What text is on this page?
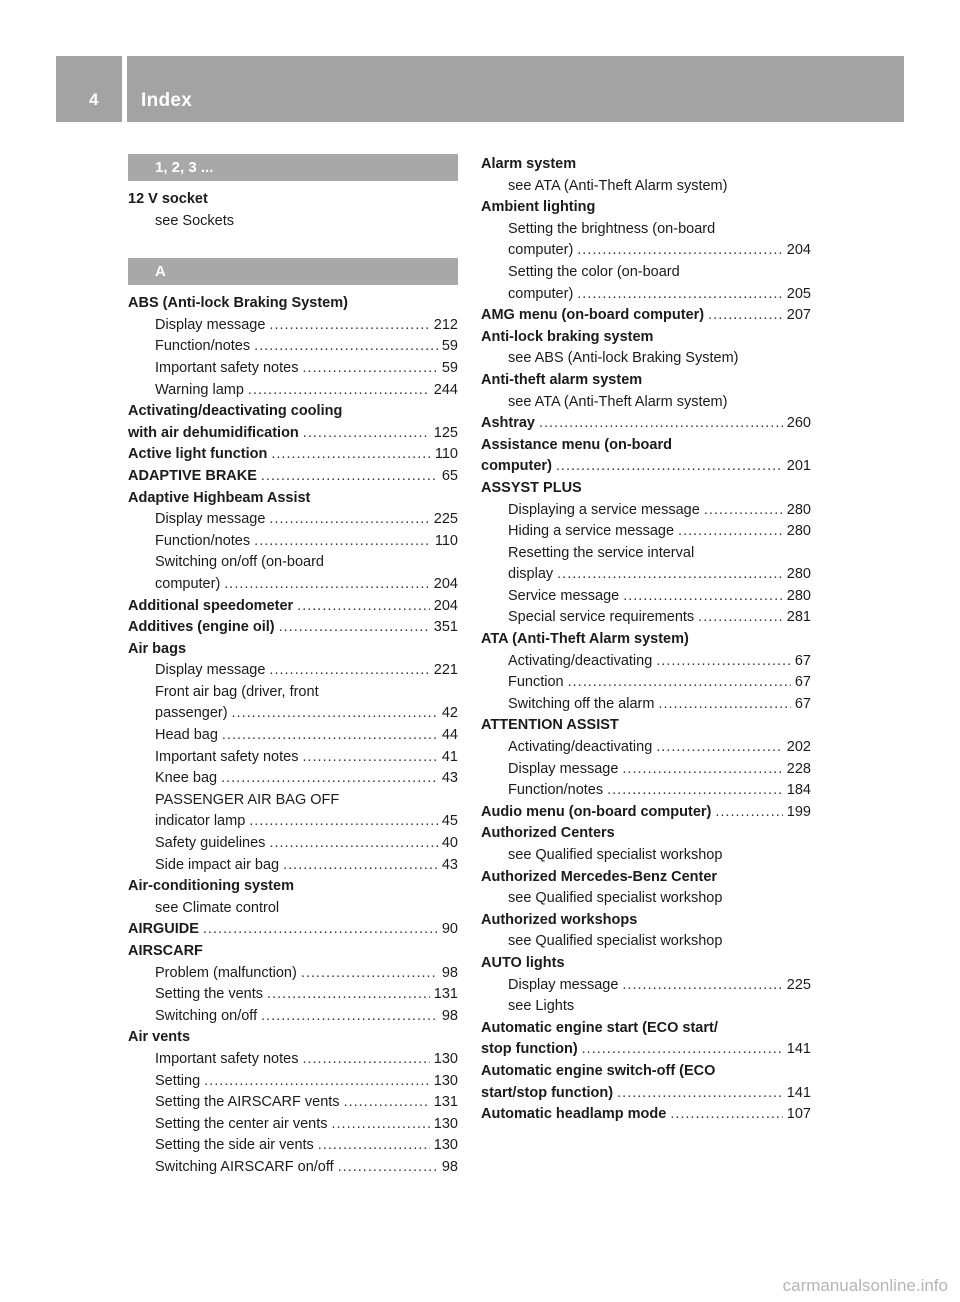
4 Index
1, 2, 3 ...
12 V socket
see Sockets
A
ABS (Anti-lock Braking System)
Display message .....	212
Function/notes .....	59
Important safety notes .....	59
Warning lamp .....	244
Activating/deactivating cooling
with air dehumidification .....	125
Active light function .....	110
ADAPTIVE BRAKE .....	65
Adaptive Highbeam Assist
Display message .....	225
Function/notes .....	110
Switching on/off (on-board
computer) .....	204
Additional speedometer .....	204
Additives (engine oil) .....	351
Air bags
Display message .....	221
Front air bag (driver, front
passenger) .....	42
Head bag .....	44
Important safety notes .....	41
Knee bag .....	43
PASSENGER AIR BAG OFF
indicator lamp .....	45
Safety guidelines .....	40
Side impact air bag .....	43
Air-conditioning system
see Climate control
AIRGUIDE .....	90
AIRSCARF
Problem (malfunction) .....	98
Setting the vents .....	131
Switching on/off .....	98
Air vents
Important safety notes .....	130
Setting .....	130
Setting the AIRSCARF vents .....	131
Setting the center air vents .....	130
Setting the side air vents .....	130
Switching AIRSCARF on/off .....	98
Alarm system
see ATA (Anti-Theft Alarm system)
Ambient lighting
Setting the brightness (on-board
computer) .....	204
Setting the color (on-board
computer) .....	205
AMG menu (on-board computer) .....	207
Anti-lock braking system
see ABS (Anti-lock Braking System)
Anti-theft alarm system
see ATA (Anti-Theft Alarm system)
Ashtray .....	260
Assistance menu (on-board
computer) .....	201
ASSYST PLUS
Displaying a service message .....	280
Hiding a service message .....	280
Resetting the service interval
display .....	280
Service message .....	280
Special service requirements .....	281
ATA (Anti-Theft Alarm system)
Activating/deactivating .....	67
Function .....	67
Switching off the alarm .....	67
ATTENTION ASSIST
Activating/deactivating .....	202
Display message .....	228
Function/notes .....	184
Audio menu (on-board computer) .....	199
Authorized Centers
see Qualified specialist workshop
Authorized Mercedes-Benz Center
see Qualified specialist workshop
Authorized workshops
see Qualified specialist workshop
AUTO lights
Display message .....	225
see Lights
Automatic engine start (ECO start/
stop function) .....	141
Automatic engine switch-off (ECO
start/stop function) .....	141
Automatic headlamp mode .....	107
carmanualsonline.info
